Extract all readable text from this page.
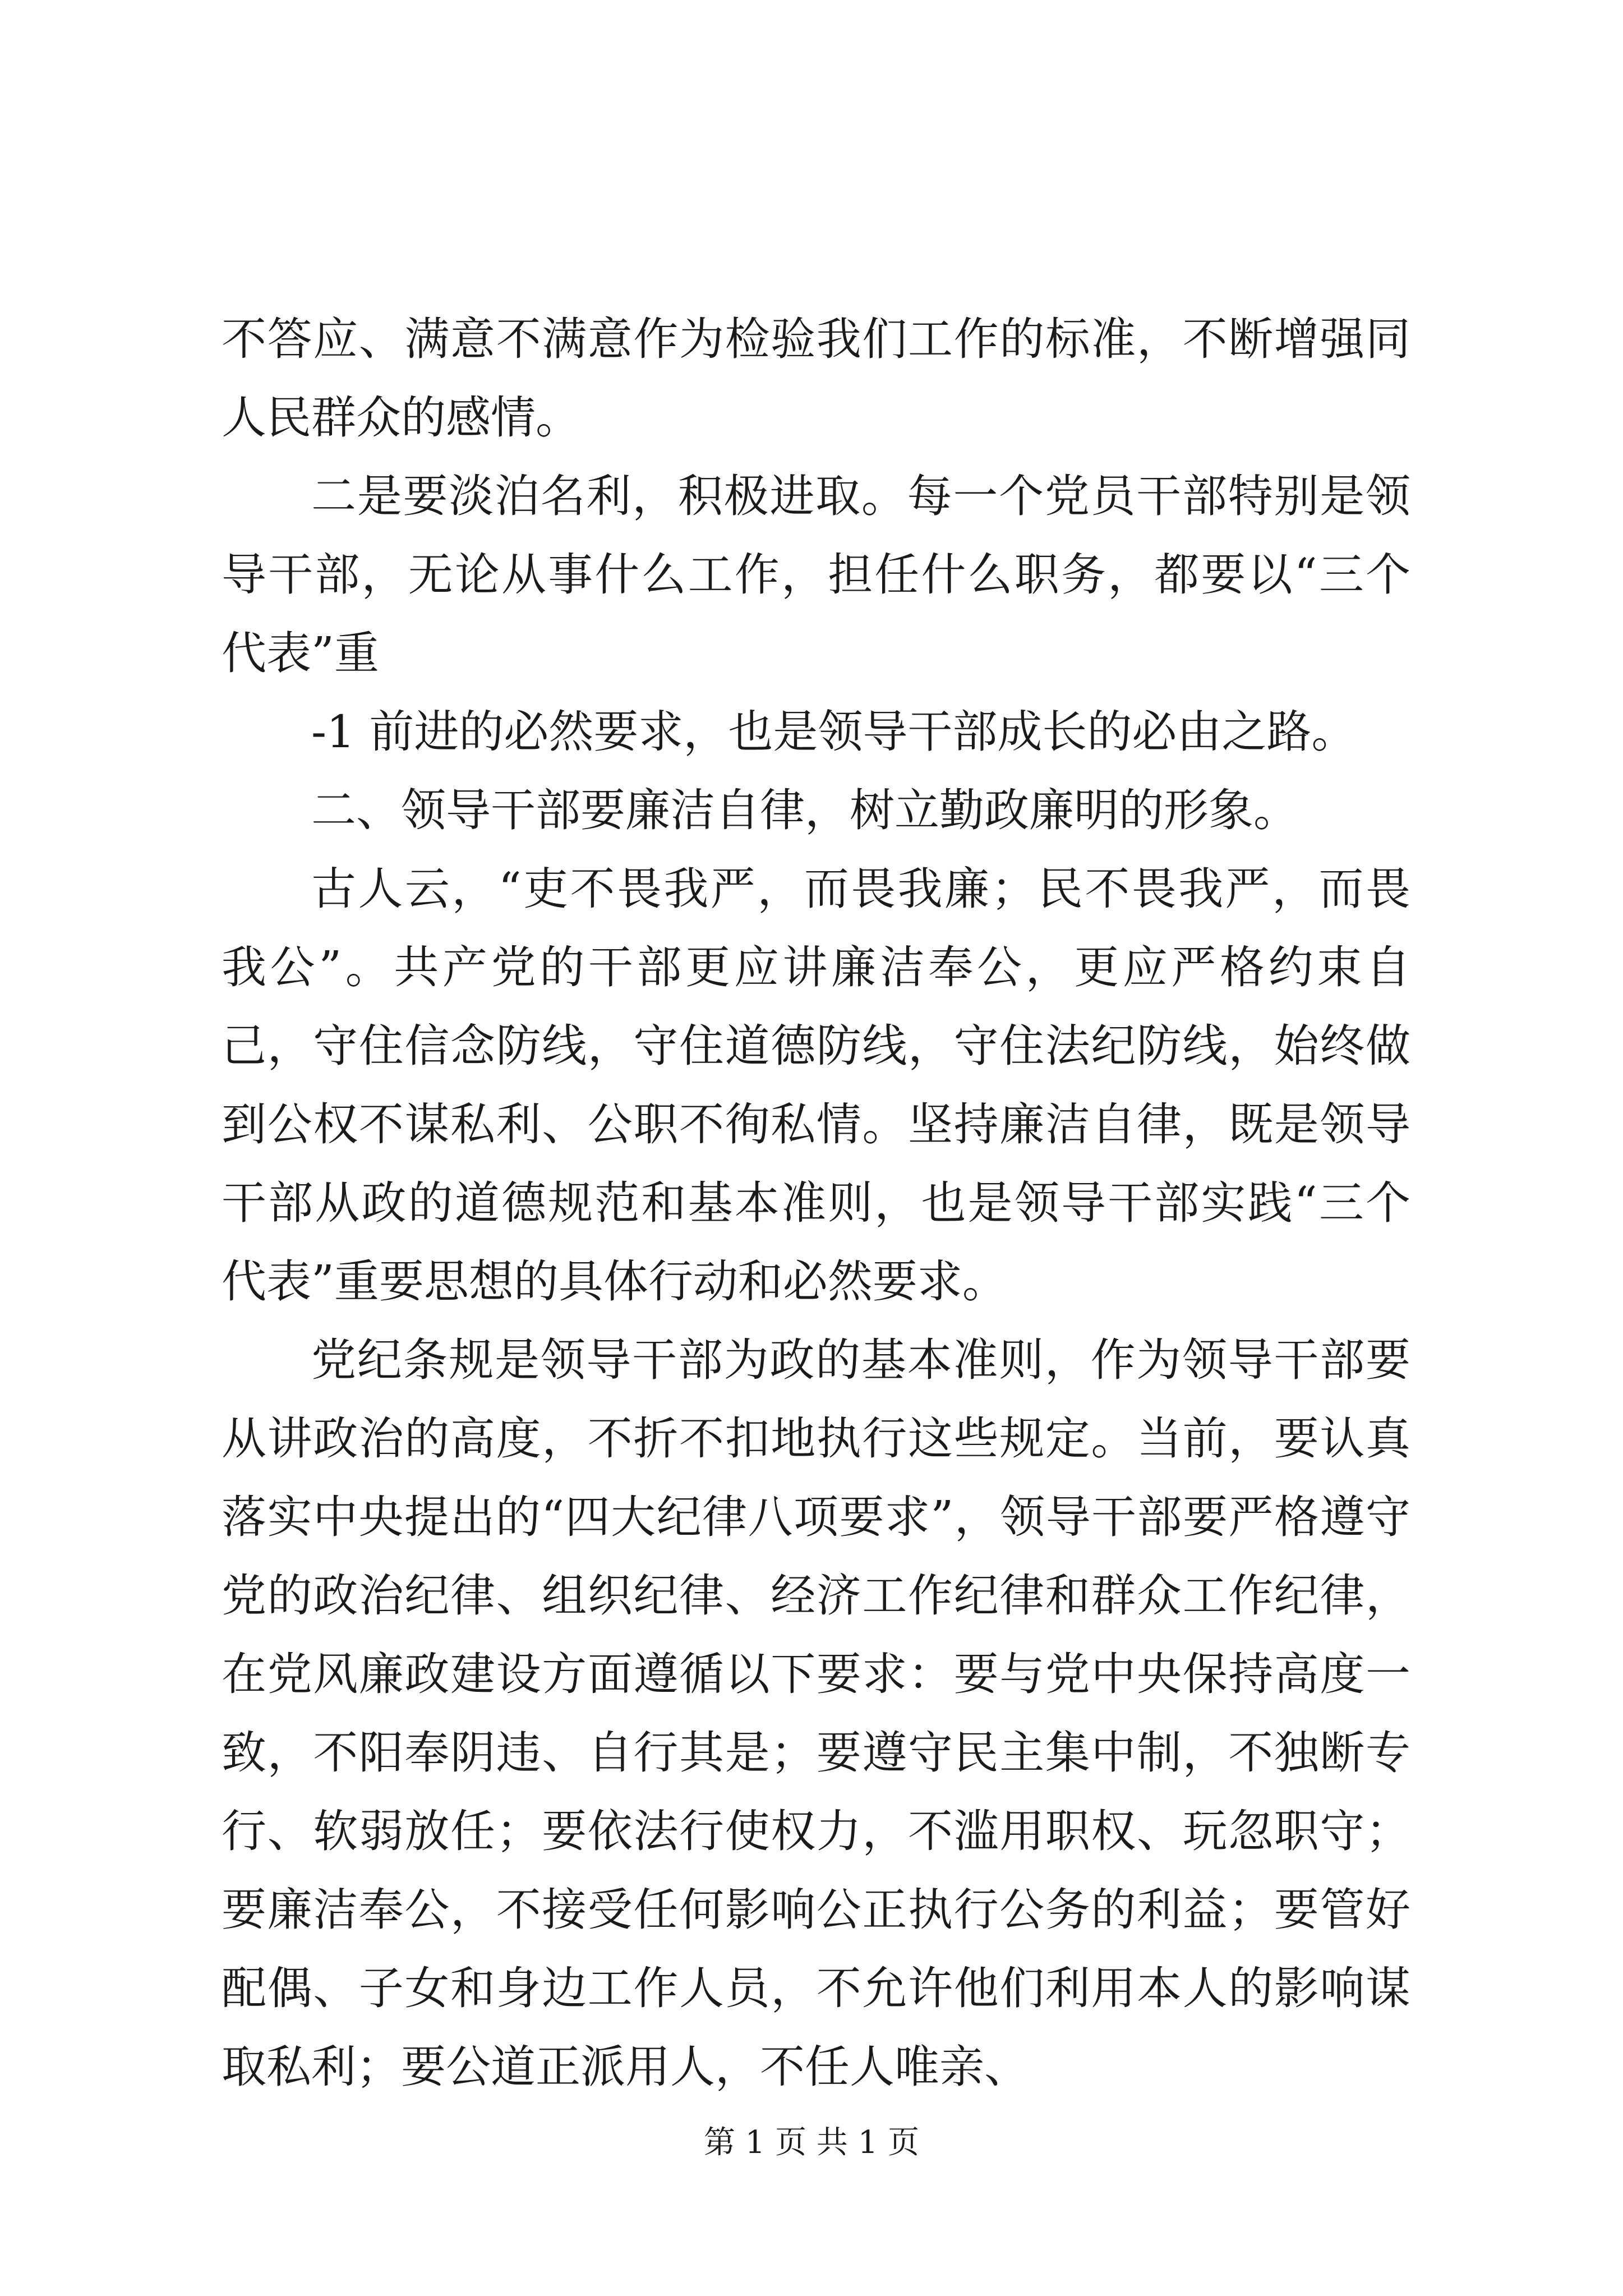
不答应、满意不满意作为检验我们工作的标准，不断增强同人民群众的感情。

二是要淡泊名利，积极进取。每一个党员干部特别是领导干部，无论从事什么工作，担任什么职务，都要以“三个代表”重

-1 前进的必然要求，也是领导干部成长的必由之路。

二、领导干部要廉洁自律，树立勤政廉明的形象。

古人云，“吏不畏我严，而畏我廉；民不畏我严，而畏我公”。共产党的干部更应讲廉洁奉公，更应严格约束自己，守住信念防线，守住道德防线，守住法纪防线，始终做到公权不谋私利、公职不徇私情。坚持廉洁自律，既是领导干部从政的道德规范和基本准则，也是领导干部实践“三个代表”重要思想的具体行动和必然要求。

党纪条规是领导干部为政的基本准则，作为领导干部要从讲政治的高度，不折不扣地执行这些规定。当前，要认真落实中央提出的“四大纪律八项要求”，领导干部要严格遵守党的政治纪律、组织纪律、经济工作纪律和群众工作纪律，在党风廉政建设方面遵循以下要求：要与党中央保持高度一致，不阳奉阴违、自行其是；要遵守民主集中制，不独断专行、软弱放任；要依法行使权力，不滥用职权、玩忽职守；要廉洁奉公，不接受任何影响公正执行公务的利益；要管好配偶、子女和身边工作人员，不允许他们利用本人的影响谋取私利；要公道正派用人，不任人唯亲、

第 1 页 共 1 页
